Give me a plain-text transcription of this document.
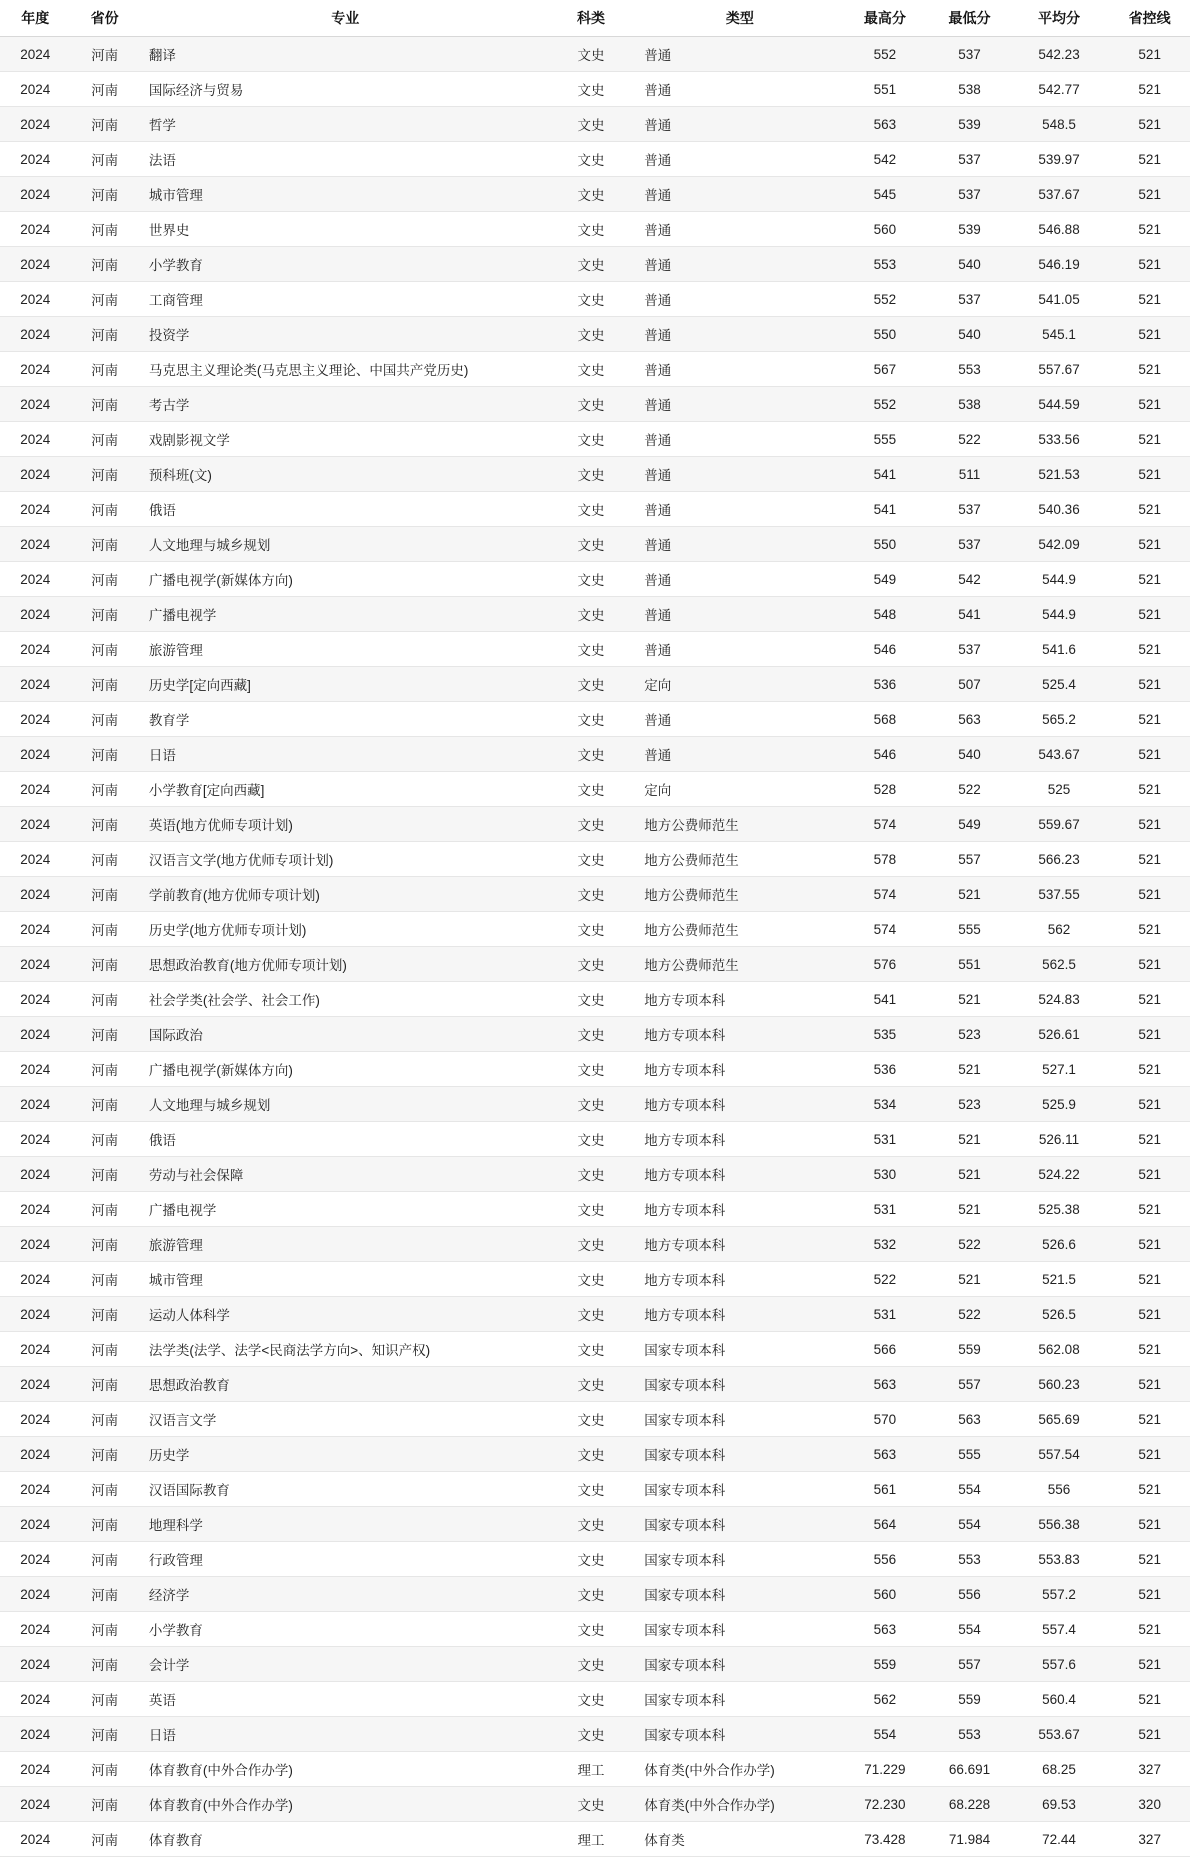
年度	省份	专业	科类	类型	最高分	最低分	平均分	省控线
2024	河南	翻译	文史	普通	552	537	542.23	521
2024	河南	国际经济与贸易	文史	普通	551	538	542.77	521
2024	河南	哲学	文史	普通	563	539	548.5	521
2024	河南	法语	文史	普通	542	537	539.97	521
2024	河南	城市管理	文史	普通	545	537	537.67	521
2024	河南	世界史	文史	普通	560	539	546.88	521
2024	河南	小学教育	文史	普通	553	540	546.19	521
2024	河南	工商管理	文史	普通	552	537	541.05	521
2024	河南	投资学	文史	普通	550	540	545.1	521
2024	河南	马克思主义理论类(马克思主义理论、中国共产党历史)	文史	普通	567	553	557.67	521
2024	河南	考古学	文史	普通	552	538	544.59	521
2024	河南	戏剧影视文学	文史	普通	555	522	533.56	521
2024	河南	预科班(文)	文史	普通	541	511	521.53	521
2024	河南	俄语	文史	普通	541	537	540.36	521
2024	河南	人文地理与城乡规划	文史	普通	550	537	542.09	521
2024	河南	广播电视学(新媒体方向)	文史	普通	549	542	544.9	521
2024	河南	广播电视学	文史	普通	548	541	544.9	521
2024	河南	旅游管理	文史	普通	546	537	541.6	521
2024	河南	历史学[定向西藏]	文史	定向	536	507	525.4	521
2024	河南	教育学	文史	普通	568	563	565.2	521
2024	河南	日语	文史	普通	546	540	543.67	521
2024	河南	小学教育[定向西藏]	文史	定向	528	522	525	521
2024	河南	英语(地方优师专项计划)	文史	地方公费师范生	574	549	559.67	521
2024	河南	汉语言文学(地方优师专项计划)	文史	地方公费师范生	578	557	566.23	521
2024	河南	学前教育(地方优师专项计划)	文史	地方公费师范生	574	521	537.55	521
2024	河南	历史学(地方优师专项计划)	文史	地方公费师范生	574	555	562	521
2024	河南	思想政治教育(地方优师专项计划)	文史	地方公费师范生	576	551	562.5	521
2024	河南	社会学类(社会学、社会工作)	文史	地方专项本科	541	521	524.83	521
2024	河南	国际政治	文史	地方专项本科	535	523	526.61	521
2024	河南	广播电视学(新媒体方向)	文史	地方专项本科	536	521	527.1	521
2024	河南	人文地理与城乡规划	文史	地方专项本科	534	523	525.9	521
2024	河南	俄语	文史	地方专项本科	531	521	526.11	521
2024	河南	劳动与社会保障	文史	地方专项本科	530	521	524.22	521
2024	河南	广播电视学	文史	地方专项本科	531	521	525.38	521
2024	河南	旅游管理	文史	地方专项本科	532	522	526.6	521
2024	河南	城市管理	文史	地方专项本科	522	521	521.5	521
2024	河南	运动人体科学	文史	地方专项本科	531	522	526.5	521
2024	河南	法学类(法学、法学<民商法学方向>、知识产权)	文史	国家专项本科	566	559	562.08	521
2024	河南	思想政治教育	文史	国家专项本科	563	557	560.23	521
2024	河南	汉语言文学	文史	国家专项本科	570	563	565.69	521
2024	河南	历史学	文史	国家专项本科	563	555	557.54	521
2024	河南	汉语国际教育	文史	国家专项本科	561	554	556	521
2024	河南	地理科学	文史	国家专项本科	564	554	556.38	521
2024	河南	行政管理	文史	国家专项本科	556	553	553.83	521
2024	河南	经济学	文史	国家专项本科	560	556	557.2	521
2024	河南	小学教育	文史	国家专项本科	563	554	557.4	521
2024	河南	会计学	文史	国家专项本科	559	557	557.6	521
2024	河南	英语	文史	国家专项本科	562	559	560.4	521
2024	河南	日语	文史	国家专项本科	554	553	553.67	521
2024	河南	体育教育(中外合作办学)	理工	体育类(中外合作办学)	71.229	66.691	68.25	327
2024	河南	体育教育(中外合作办学)	文史	体育类(中外合作办学)	72.230	68.228	69.53	320
2024	河南	体育教育	理工	体育类	73.428	71.984	72.44	327
